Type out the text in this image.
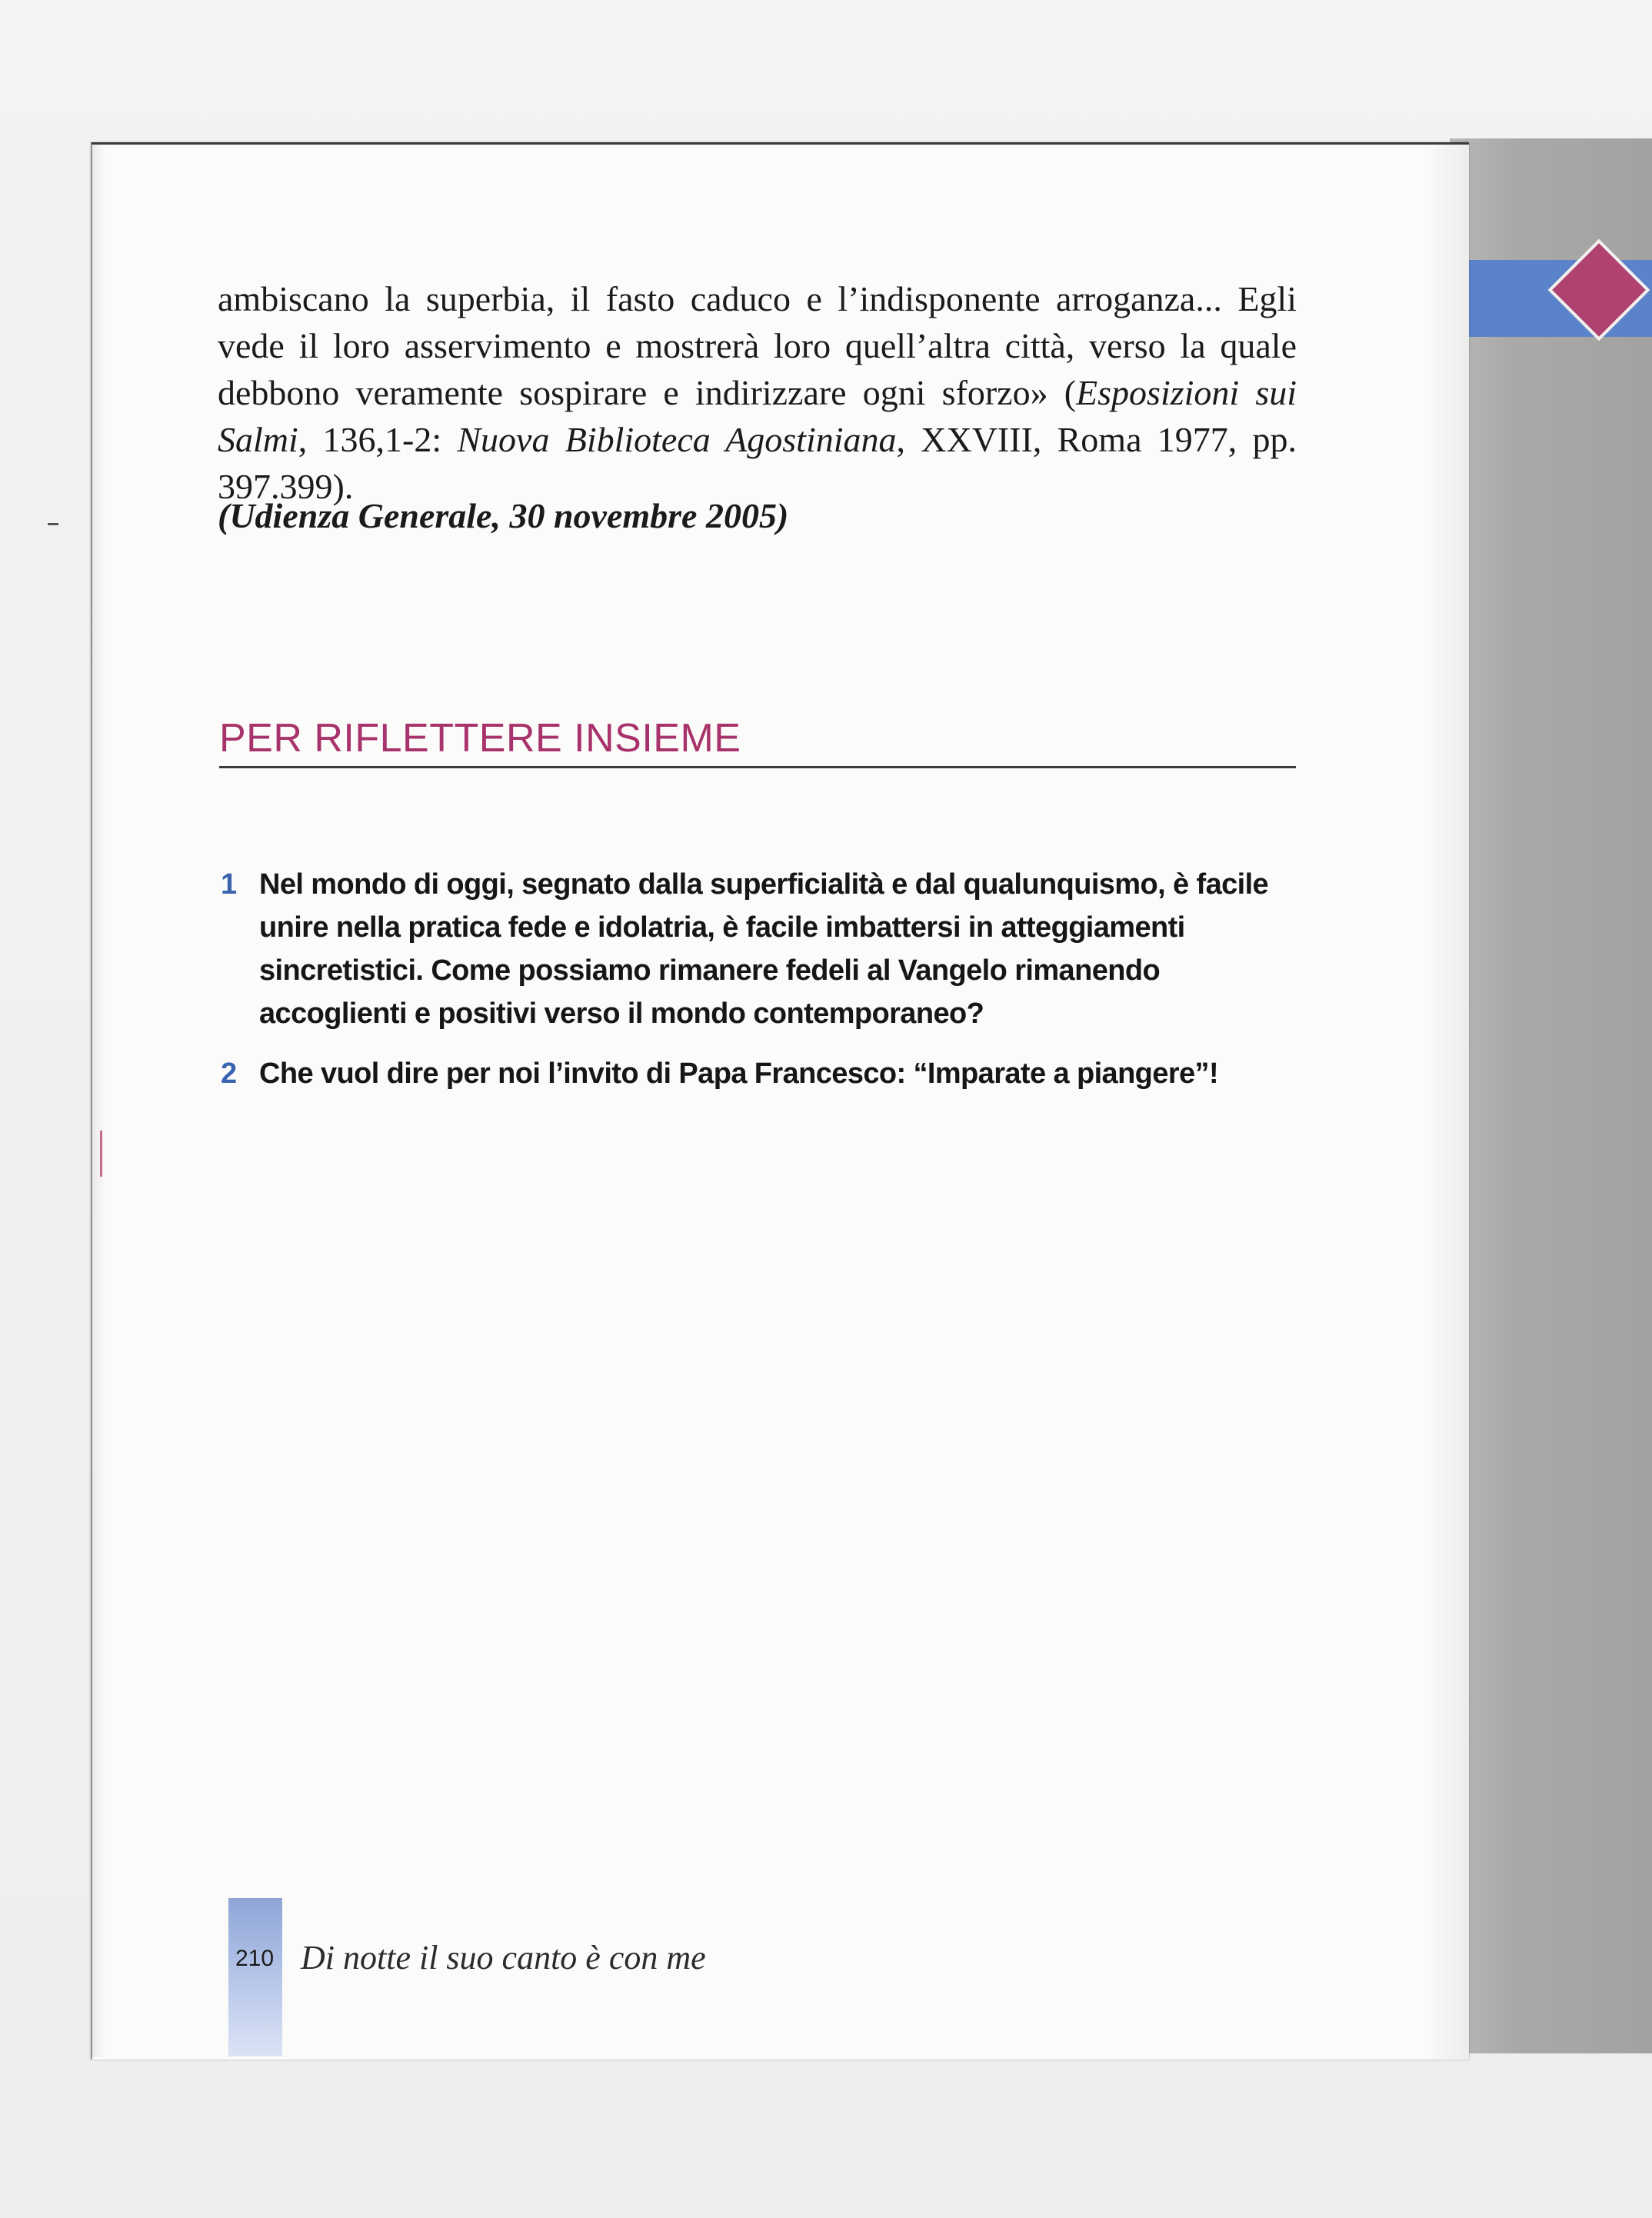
ambiscano la superbia, il fasto caduco e l’indisponente arroganza... Egli vede il loro asservimento e mostrerà loro quell’altra città, verso la quale debbono veramente sospirare e indirizzare ogni sforzo» (Esposizioni sui Salmi, 136,1-2: Nuova Biblioteca Agostiniana, XXVIII, Roma 1977, pp. 397.399).

(Udienza Generale, 30 novembre 2005)
PER RIFLETTERE INSIEME
1 Nel mondo di oggi, segnato dalla superficialità e dal qualunquismo, è facile unire nella pratica fede e idolatria, è facile imbattersi in atteggiamenti sincretistici. Come possiamo rimanere fedeli al Vangelo rimanendo accoglienti e positivi verso il mondo contemporaneo?
2 Che vuol dire per noi l’invito di Papa Francesco: “Imparate a piangere”!
210 Di notte il suo canto è con me
